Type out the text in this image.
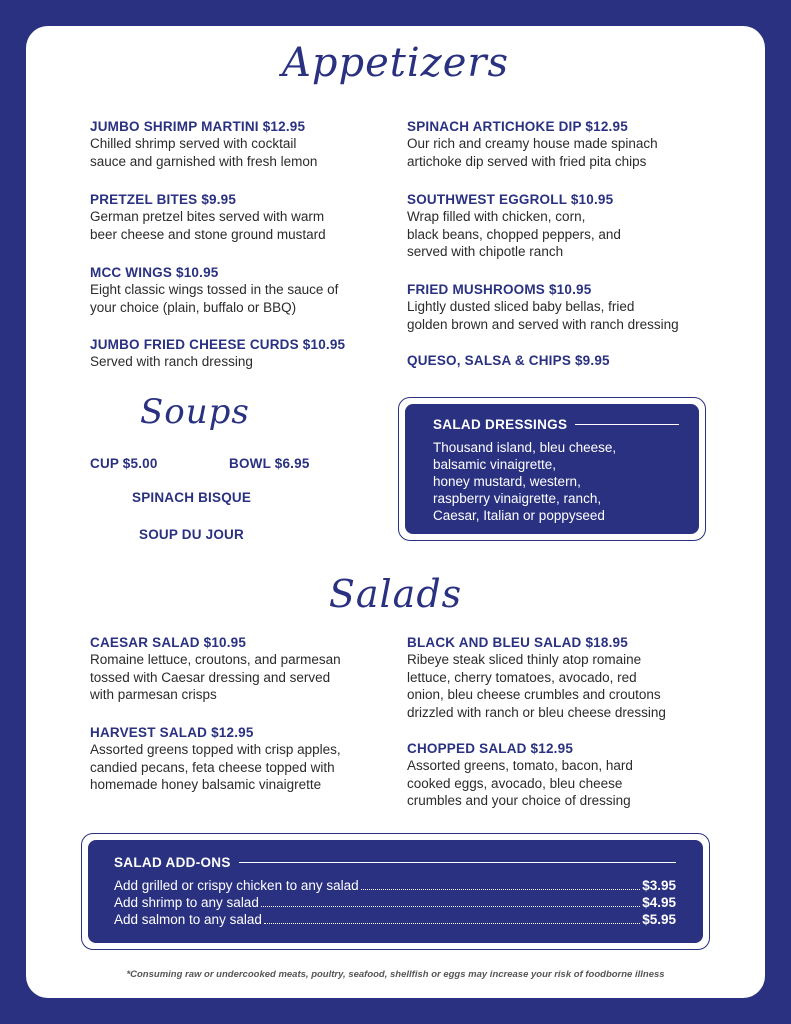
Appetizers
JUMBO SHRIMP MARTINI $12.95
Chilled shrimp served with cocktail
sauce and garnished with fresh lemon
PRETZEL BITES $9.95
German pretzel bites served with warm
beer cheese and stone ground mustard
MCC WINGS $10.95
Eight classic wings tossed in the sauce of
your choice (plain, buffalo or BBQ)
JUMBO FRIED CHEESE CURDS $10.95
Served with ranch dressing
SPINACH ARTICHOKE DIP $12.95
Our rich and creamy house made spinach
artichoke dip served with fried pita chips
SOUTHWEST EGGROLL $10.95
Wrap filled with chicken, corn,
black beans, chopped peppers, and
served with chipotle ranch
FRIED MUSHROOMS $10.95
Lightly dusted sliced baby bellas, fried
golden brown and served with ranch dressing
QUESO, SALSA & CHIPS $9.95
Soups
CUP $5.00	BOWL $6.95
SPINACH BISQUE
SOUP DU JOUR
SALAD DRESSINGS
Thousand island, bleu cheese,
balsamic vinaigrette,
honey mustard, western,
raspberry vinaigrette, ranch,
Caesar, Italian or poppyseed
Salads
CAESAR SALAD $10.95
Romaine lettuce, croutons, and parmesan
tossed with Caesar dressing and served
with parmesan crisps
HARVEST SALAD $12.95
Assorted greens topped with crisp apples,
candied pecans, feta cheese topped with
homemade honey balsamic vinaigrette
BLACK AND BLEU SALAD $18.95
Ribeye steak sliced thinly atop romaine
lettuce, cherry tomatoes, avocado, red
onion, bleu cheese crumbles and croutons
drizzled with ranch or bleu cheese dressing
CHOPPED SALAD $12.95
Assorted greens, tomato, bacon, hard
cooked eggs, avocado, bleu cheese
crumbles and your choice of dressing
SALAD ADD-ONS
Add grilled or crispy chicken to any salad	$3.95
Add shrimp to any salad	$4.95
Add salmon to any salad	$5.95
*Consuming raw or undercooked meats, poultry, seafood, shellfish or eggs may increase your risk of foodborne illness
